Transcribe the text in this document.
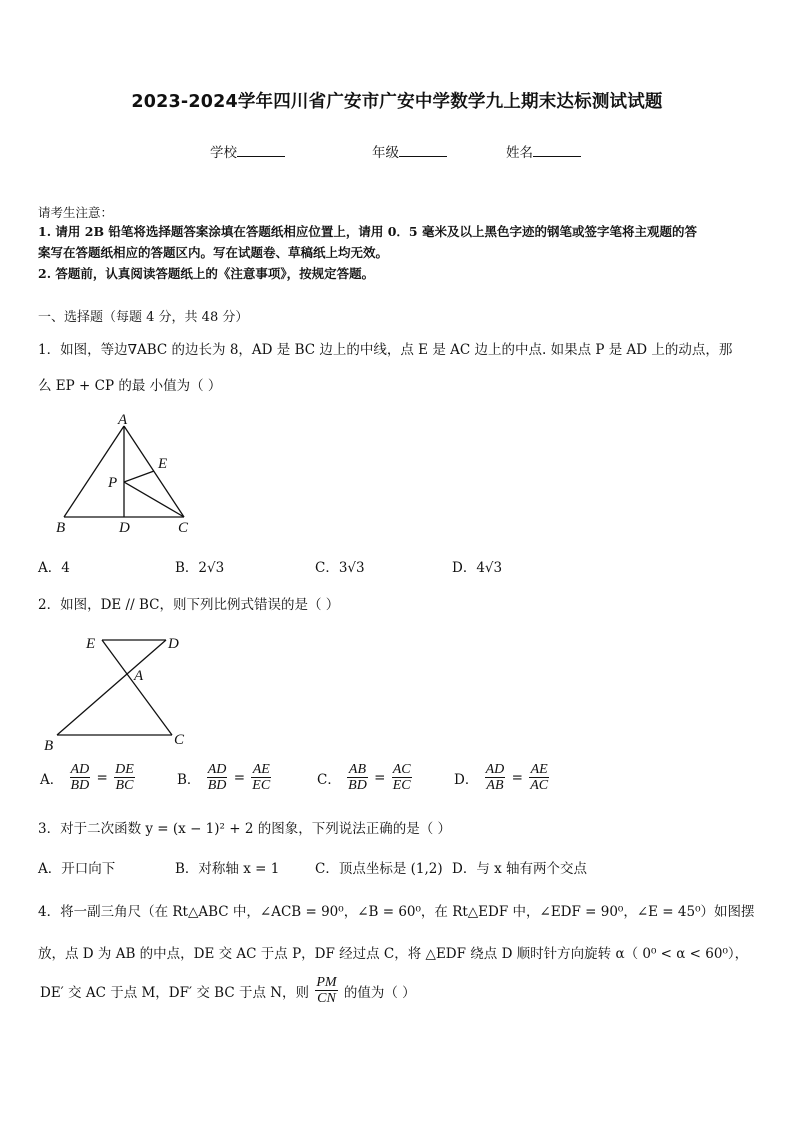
2023-2024学年四川省广安市广安中学数学九上期末达标测试试题
学校	年级	姓名
请考生注意：
1. 请用 2B 铅笔将选择题答案涂填在答题纸相应位置上，请用 0．5 毫米及以上黑色字迹的钢笔或签字笔将主观题的答
案写在答题纸相应的答题区内。写在试题卷、草稿纸上均无效。
2. 答题前，认真阅读答题纸上的《注意事项》，按规定答题。
一、选择题（每题 4 分，共 48 分）
1．如图，等边∇ABC 的边长为 8，AD 是 BC 边上的中线，点 E 是 AC 边上的中点. 如果点 P 是 AD 上的动点，那
么 EP + CP 的最 小值为（ ）
A
E
P
B	D	C
A．4	B．2√3	C．3√3	D．4√3
2．如图，DE // BC，则下列比例式错误的是（ ）
E	D
A
B	C
A． $\frac{AD}{BD} = \frac{DE}{BC}$	B． $\frac{AD}{BD} = \frac{AE}{EC}$	C． $\frac{AB}{BD} = \frac{AC}{EC}$	D． $\frac{AD}{AB} = \frac{AE}{AC}$
3．对于二次函数 y = (x − 1)² + 2 的图象，下列说法正确的是（ ）
A．开口向下	B．对称轴 x = 1	C．顶点坐标是 (1,2) D．与 x 轴有两个交点
4．将一副三角尺（在 Rt△ABC 中，∠ACB = 90⁰，∠B = 60⁰，在 Rt△EDF 中，∠EDF = 90⁰，∠E = 45⁰）如图摆
放，点 D 为 AB 的中点，DE 交 AC 于点 P，DF 经过点 C，将 △EDF 绕点 D 顺时针方向旋转 α（ 0⁰ < α < 60⁰），
DE′ 交 AC 于点 M，DF′ 交 BC 于点 N，则 $\frac{PM}{CN}$ 的值为（ ）
